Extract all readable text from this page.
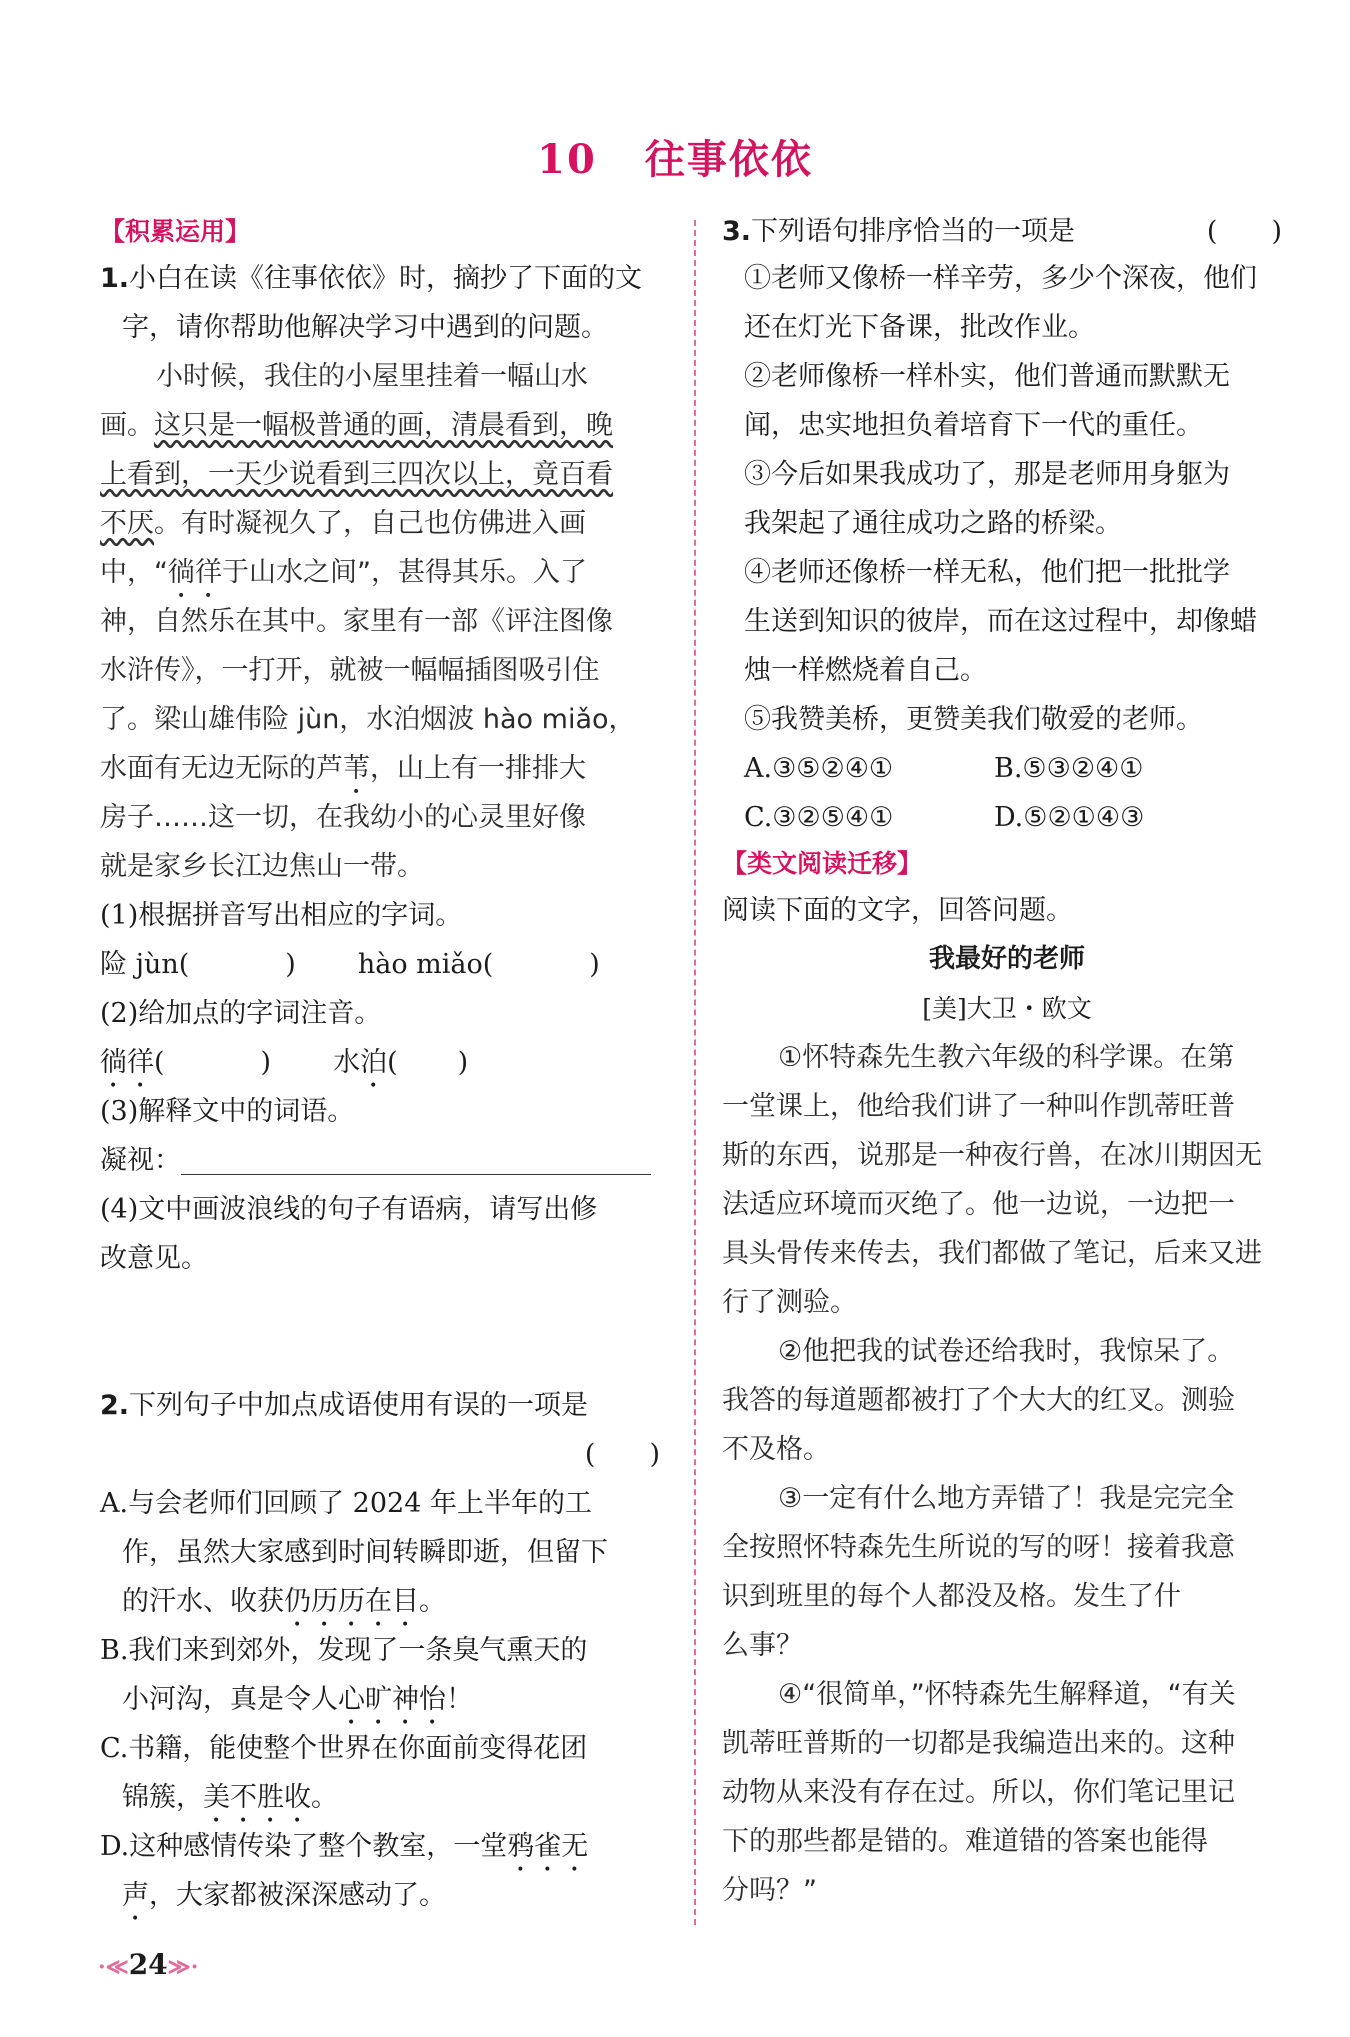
10 往事依依
【积累运用】
1.小白在读《往事依依》时，摘抄了下面的文
字，请你帮助他解决学习中遇到的问题。
小时候，我住的小屋里挂着一幅山水
画。这只是一幅极普通的画，清晨看到，晚
上看到，一天少说看到三四次以上，竟百看
不厌。有时凝视久了，自己也仿佛进入画
中，“徜徉于山水之间”，甚得其乐。入了
神，自然乐在其中。家里有一部《评注图像
水浒传》，一打开，就被一幅幅插图吸引住
了。梁山雄伟险 jùn，水泊烟波 hào miǎo，
水面有无边无际的芦苇，山上有一排排大
房子……这一切，在我幼小的心灵里好像
就是家乡长江边焦山一带。
(1)根据拼音写出相应的字词。
险 jùn(	) hào miǎo(	)
(2)给加点的字词注音。
徜徉(	) 水泊( )
(3)解释文中的词语。
凝视：
(4)文中画波浪线的句子有语病，请写出修
改意见。
2.下列句子中加点成语使用有误的一项是
(　　)
A.与会老师们回顾了 2024 年上半年的工
作，虽然大家感到时间转瞬即逝，但留下
的汗水、收获仍历历在目。
B.我们来到郊外，发现了一条臭气熏天的
小河沟，真是令人心旷神怡！
C.书籍，能使整个世界在你面前变得花团
锦簇，美不胜收。
D.这种感情传染了整个教室，一堂鸦雀无
声，大家都被深深感动了。
3.下列语句排序恰当的一项是	(　　)
①老师又像桥一样辛劳，多少个深夜，他们
还在灯光下备课，批改作业。
②老师像桥一样朴实，他们普通而默默无
闻，忠实地担负着培育下一代的重任。
③今后如果我成功了，那是老师用身躯为
我架起了通往成功之路的桥梁。
④老师还像桥一样无私，他们把一批批学
生送到知识的彼岸，而在这过程中，却像蜡
烛一样燃烧着自己。
⑤我赞美桥，更赞美我们敬爱的老师。
A.③⑤②④①	B.⑤③②④①
C.③②⑤④①	D.⑤②①④③
【类文阅读迁移】
阅读下面的文字，回答问题。
我最好的老师
[美]大卫・欧文
①怀特森先生教六年级的科学课。在第
一堂课上，他给我们讲了一种叫作凯蒂旺普
斯的东西，说那是一种夜行兽，在冰川期因无
法适应环境而灭绝了。他一边说，一边把一
具头骨传来传去，我们都做了笔记，后来又进
行了测验。
②他把我的试卷还给我时，我惊呆了。
我答的每道题都被打了个大大的红叉。测验
不及格。
③一定有什么地方弄错了！我是完完全
全按照怀特森先生所说的写的呀！接着我意
识到班里的每个人都没及格。发生了什
么事？
④“很简单，”怀特森先生解释道，“有关
凯蒂旺普斯的一切都是我编造出来的。这种
动物从来没有存在过。所以，你们笔记里记
下的那些都是错的。难道错的答案也能得
分吗？”
·≪24≫·
